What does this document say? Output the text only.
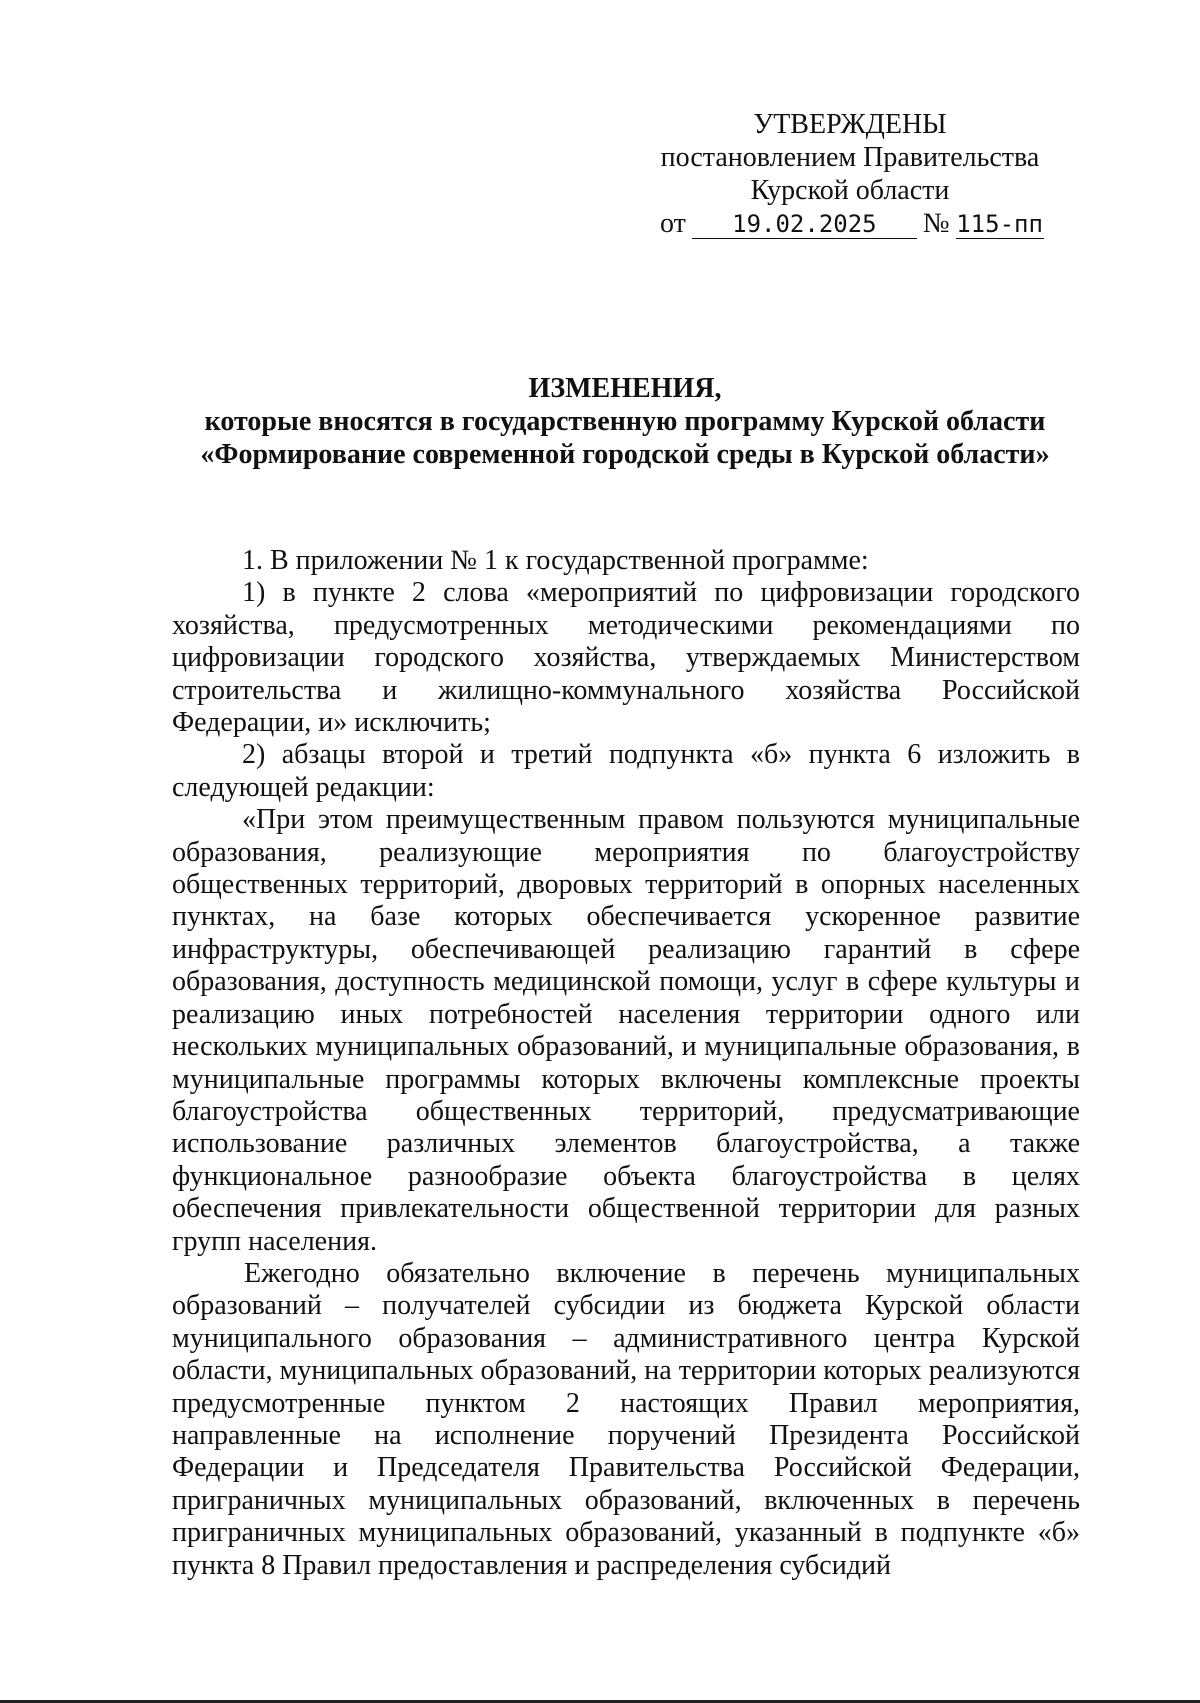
УТВЕРЖДЕНЫ
постановлением Правительства
Курской области
от 19.02.2025 № 115-пп
ИЗМЕНЕНИЯ,
которые вносятся в государственную программу Курской области
«Формирование современной городской среды в Курской области»

1. В приложении № 1 к государственной программе:

1) в пункте 2 слова «мероприятий по цифровизации городского хозяйства, предусмотренных методическими рекомендациями по цифровизации городского хозяйства, утверждаемых Министерством строительства и жилищно-коммунального хозяйства Российской Федерации, и» исключить;

2) абзацы второй и третий подпункта «б» пункта 6 изложить в следующей редакции:

«При этом преимущественным правом пользуются муниципальные образования, реализующие мероприятия по благоустройству общественных территорий, дворовых территорий в опорных населенных пунктах, на базе которых обеспечивается ускоренное развитие инфраструктуры, обеспечивающей реализацию гарантий в сфере образования, доступность медицинской помощи, услуг в сфере культуры и реализацию иных потребностей населения территории одного или нескольких муниципальных образований, и муниципальные образования, в муниципальные программы которых включены комплексные проекты благоустройства общественных территорий, предусматривающие использование различных элементов благоустройства, а также функциональное разнообразие объекта благоустройства в целях обеспечения привлекательности общественной территории для разных групп населения.

Ежегодно обязательно включение в перечень муниципальных образований – получателей субсидии из бюджета Курской области муниципального образования – административного центра Курской области, муниципальных образований, на территории которых реализуются предусмотренные пунктом 2 настоящих Правил мероприятия, направленные на исполнение поручений Президента Российской Федерации и Председателя Правительства Российской Федерации, приграничных муниципальных образований, включенных в перечень приграничных муниципальных образований, указанный в подпункте «б» пункта 8 Правил предоставления и распределения субсидий
